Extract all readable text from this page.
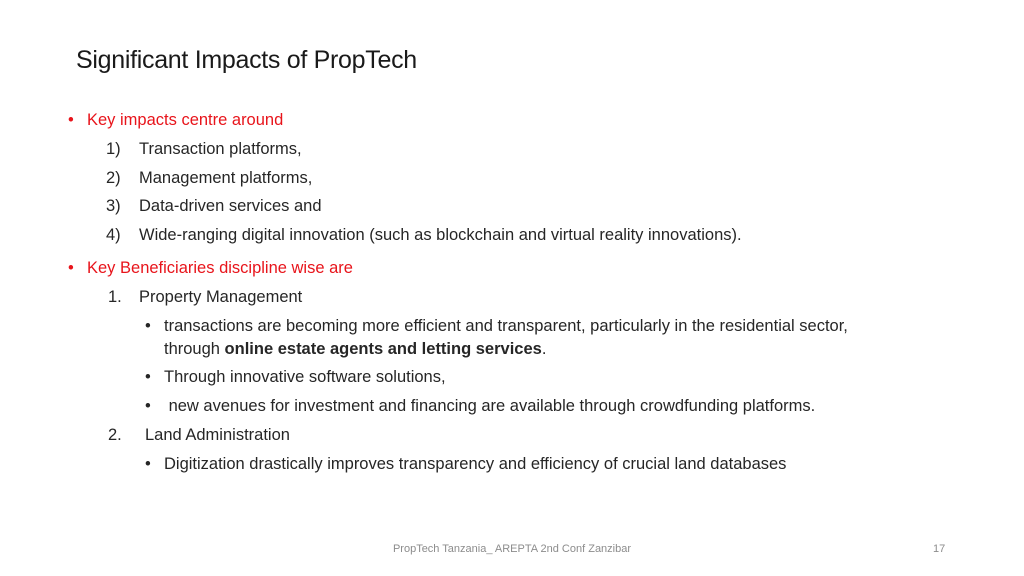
Significant Impacts of PropTech
• Key impacts centre around
1) Transaction platforms,
2) Management platforms,
3) Data-driven services and
4) Wide-ranging digital innovation (such as blockchain and virtual reality innovations).
• Key Beneficiaries discipline wise are
1. Property Management
• transactions are becoming more efficient and transparent, particularly in the residential sector,
through online estate agents and letting services.
• Through innovative software solutions,
• new avenues for investment and financing are available through crowdfunding platforms.
2. Land Administration
• Digitization drastically improves transparency and efficiency of crucial land databases
PropTech Tanzania_ AREPTA 2nd Conf Zanzibar	17
